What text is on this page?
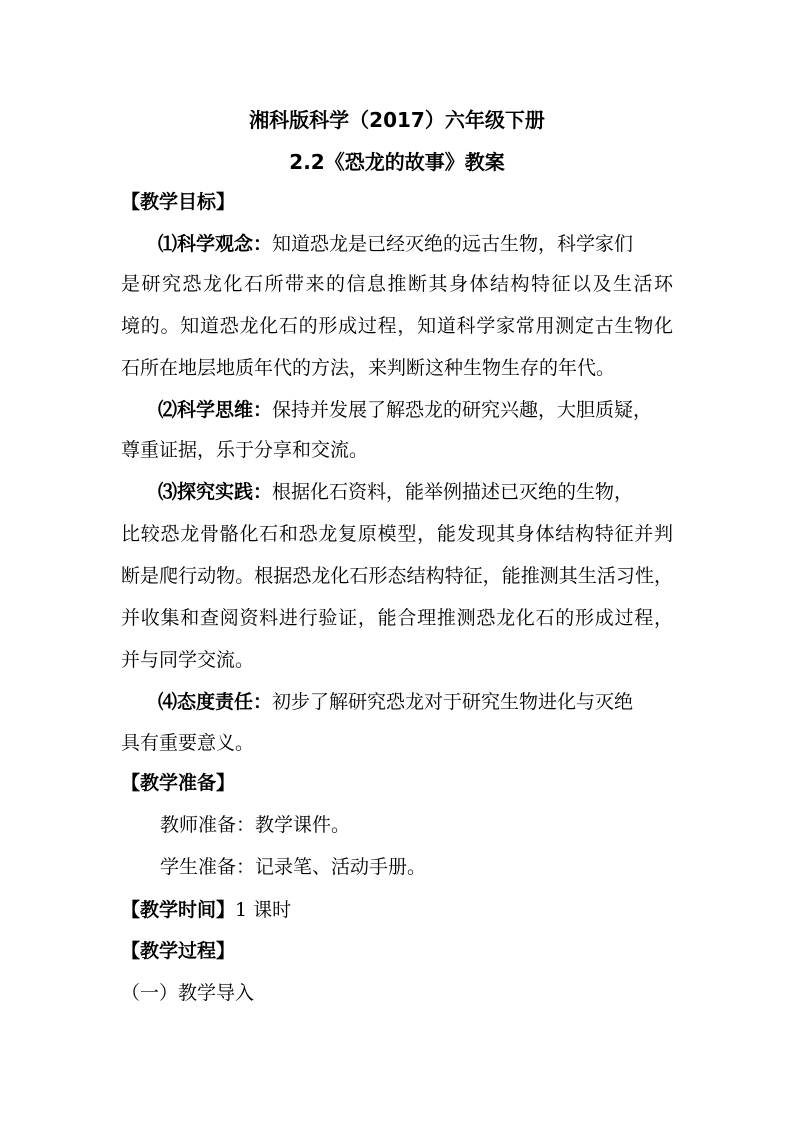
湘科版科学（2017）六年级下册
2.2《恐龙的故事》教案
【教学目标】
⑴科学观念：知道恐龙是已经灭绝的远古生物，科学家们
是研究恐龙化石所带来的信息推断其身体结构特征以及生活环
境的。知道恐龙化石的形成过程，知道科学家常用测定古生物化
石所在地层地质年代的方法，来判断这种生物生存的年代。
⑵科学思维：保持并发展了解恐龙的研究兴趣，大胆质疑，
尊重证据，乐于分享和交流。
⑶探究实践：根据化石资料，能举例描述已灭绝的生物，
比较恐龙骨骼化石和恐龙复原模型，能发现其身体结构特征并判
断是爬行动物。根据恐龙化石形态结构特征，能推测其生活习性，
并收集和查阅资料进行验证，能合理推测恐龙化石的形成过程，
并与同学交流。
⑷态度责任：初步了解研究恐龙对于研究生物进化与灭绝
具有重要意义。
【教学准备】
教师准备：教学课件。
学生准备：记录笔、活动手册。
【教学时间】1 课时
【教学过程】
（一）教学导入
